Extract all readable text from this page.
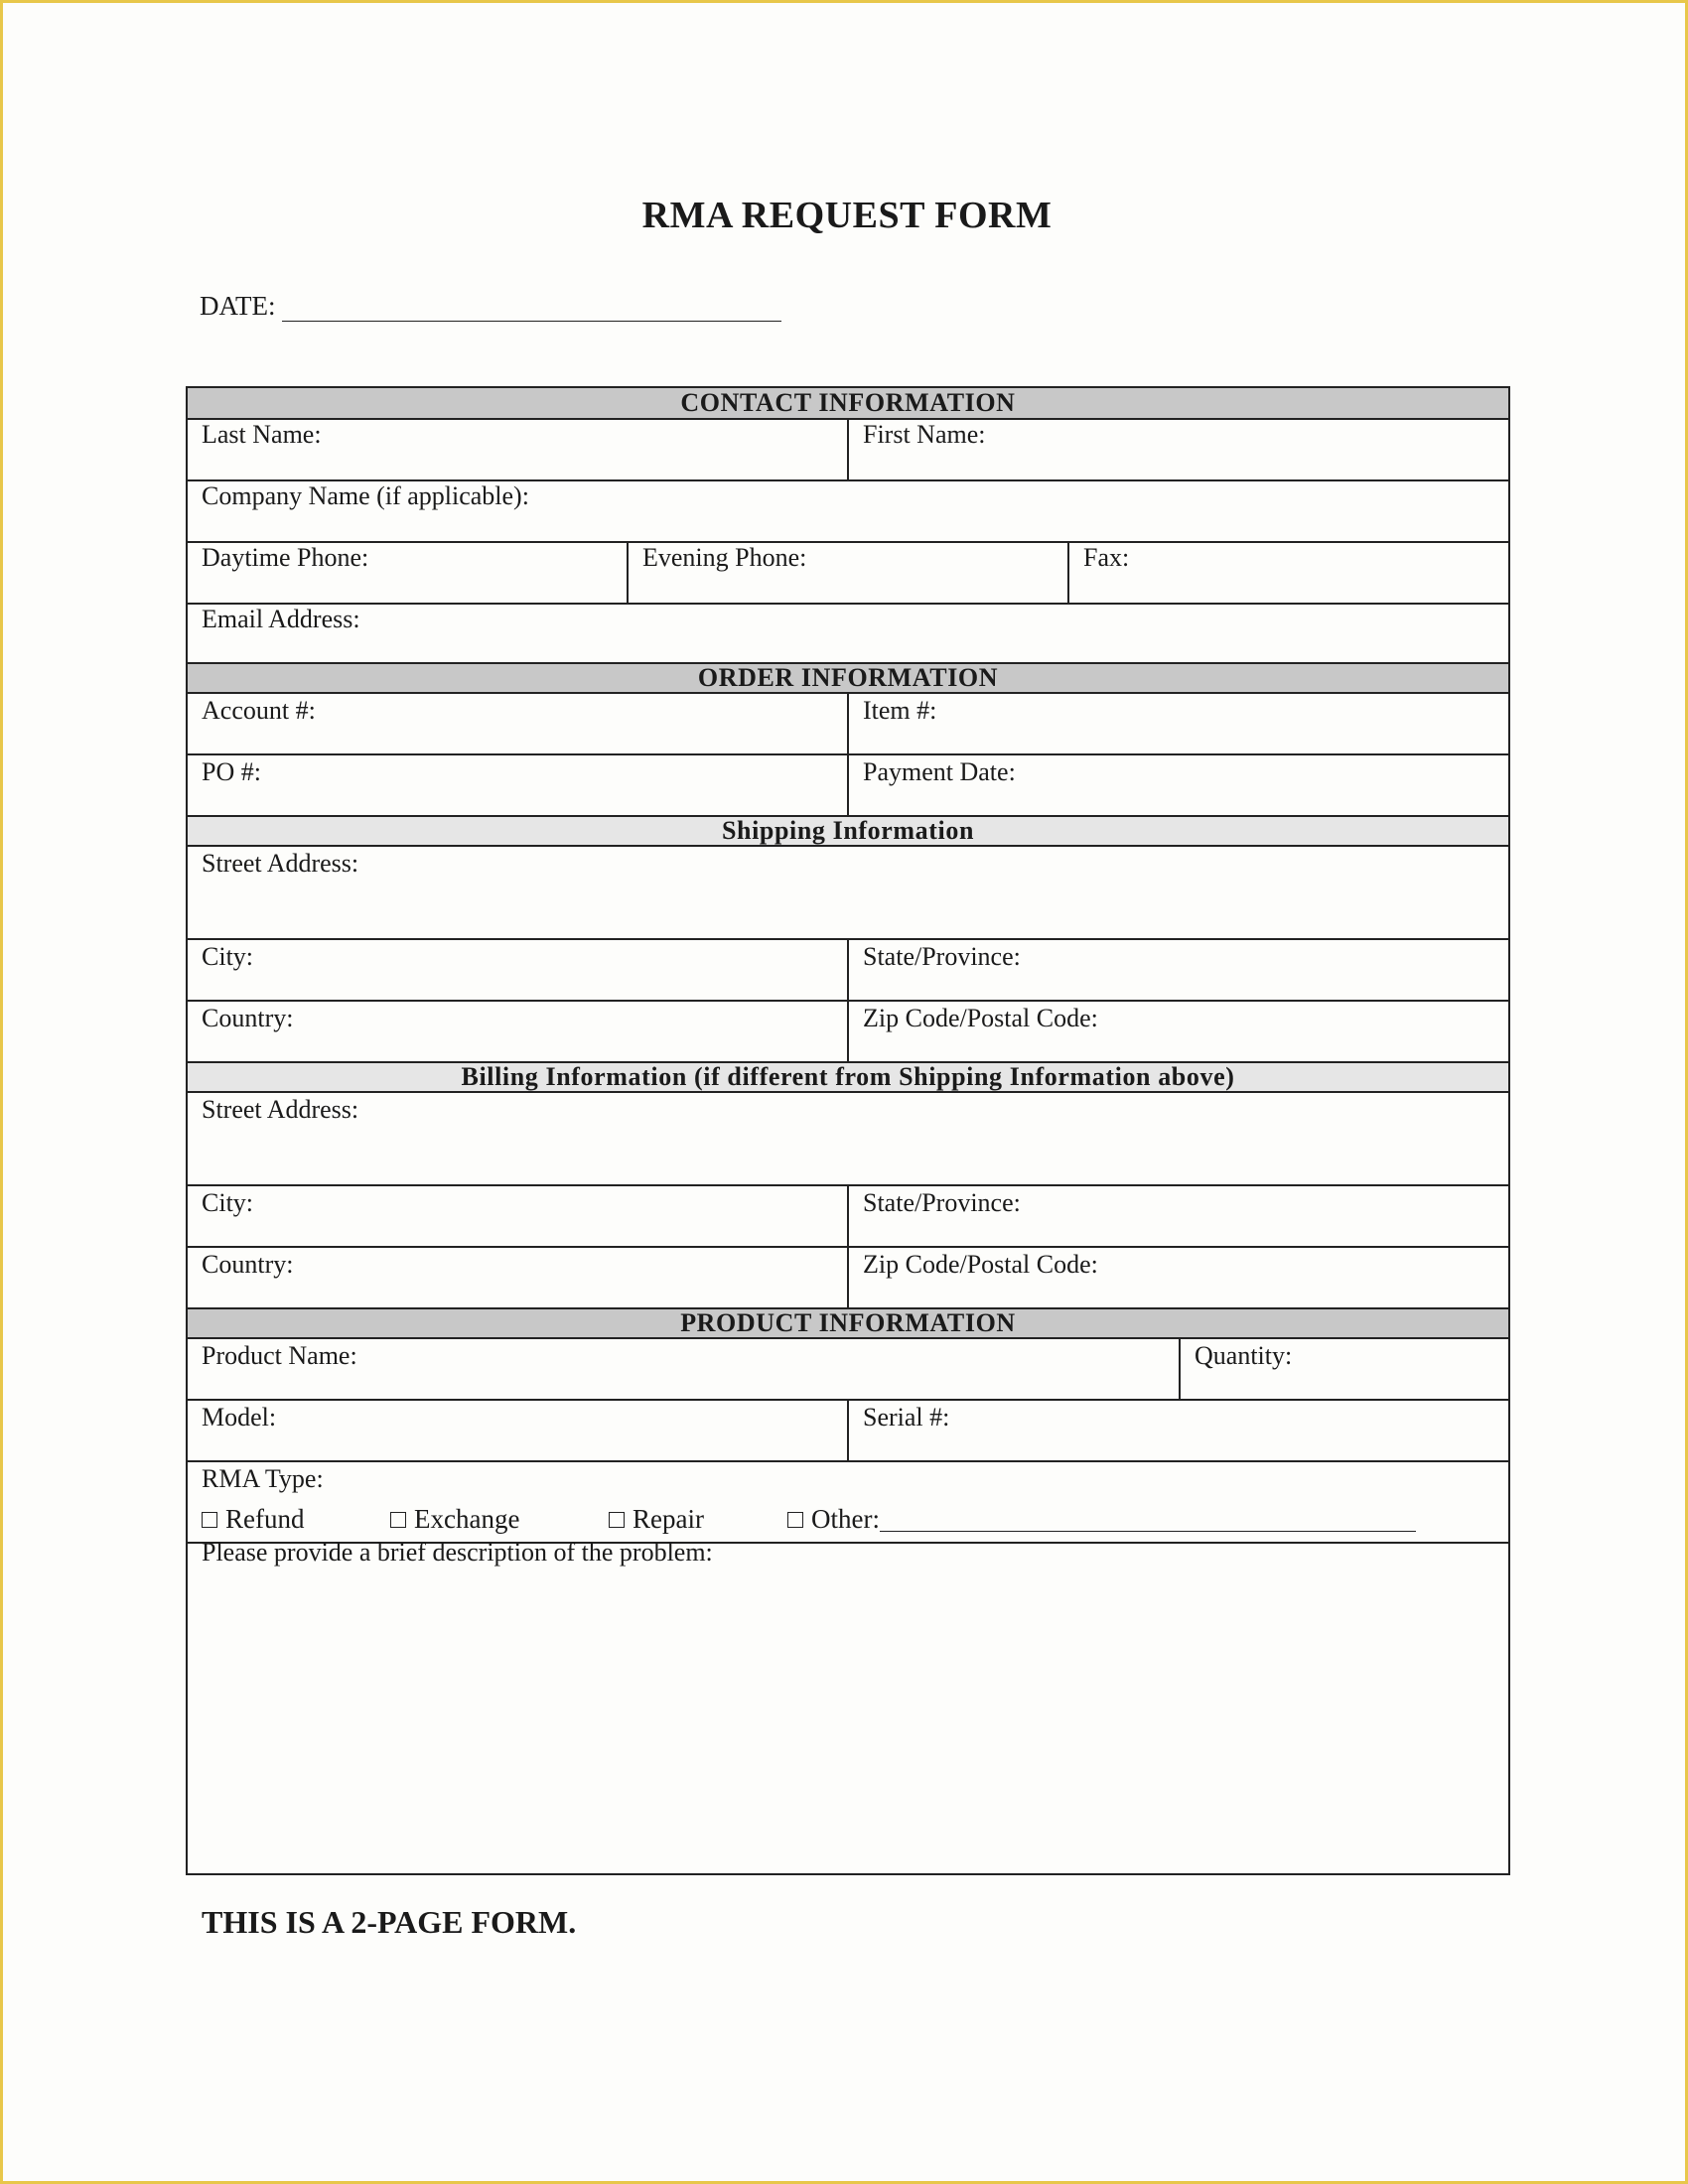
RMA REQUEST FORM
DATE:
CONTACT INFORMATION
Last Name:	First Name:
Company Name (if applicable):
Daytime Phone:	Evening Phone:	Fax:
Email Address:
ORDER INFORMATION
Account #:	Item #:
PO #:	Payment Date:
Shipping Information
Street Address:
City:	State/Province:
Country:	Zip Code/Postal Code:
Billing Information (if different from Shipping Information above)
Street Address:
City:	State/Province:
Country:	Zip Code/Postal Code:
PRODUCT INFORMATION
Product Name:	Quantity:
Model:	Serial #:
RMA Type:
Refund	Exchange	Repair	Other:
Please provide a brief description of the problem:
THIS IS A 2-PAGE FORM.
